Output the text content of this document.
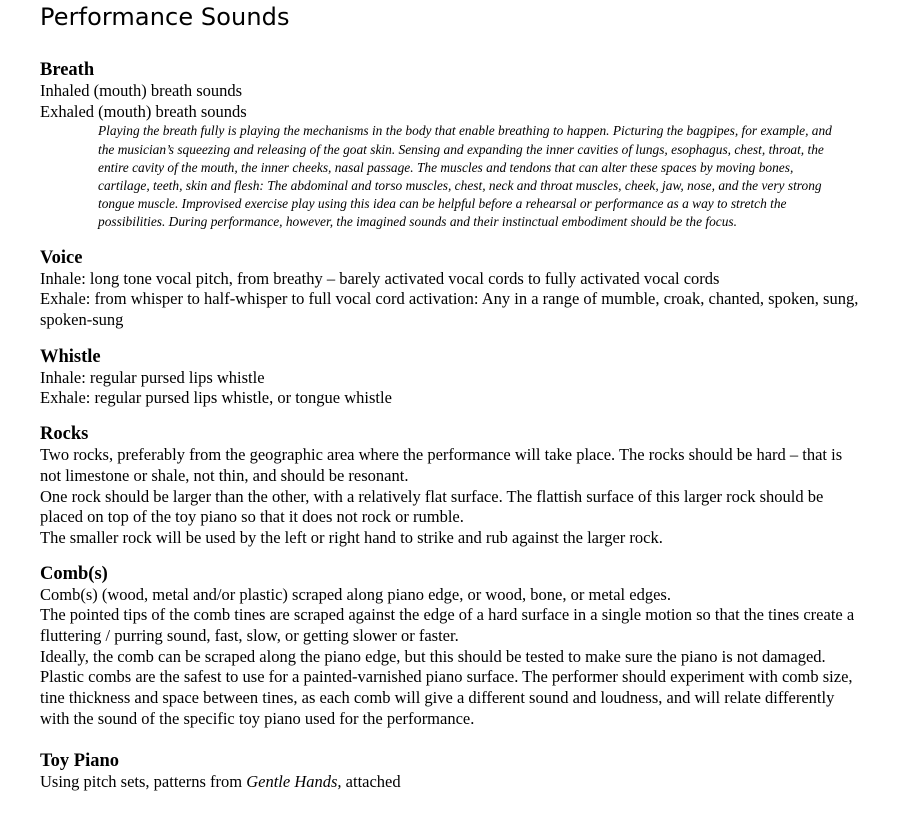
Performance Sounds
Breath

Inhaled (mouth) breath sounds

Exhaled (mouth) breath sounds

Playing the breath fully is playing the mechanisms in the body that enable breathing to happen. Picturing the bagpipes, for example, and the musician’s squeezing and releasing of the goat skin. Sensing and expanding the inner cavities of lungs, esophagus, chest, throat, the entire cavity of the mouth, the inner cheeks, nasal passage. The muscles and tendons that can alter these spaces by moving bones, cartilage, teeth, skin and flesh: The abdominal and torso muscles, chest, neck and throat muscles, cheek, jaw, nose, and the very strong tongue muscle. Improvised exercise play using this idea can be helpful before a rehearsal or performance as a way to stretch the possibilities. During performance, however, the imagined sounds and their instinctual embodiment should be the focus.

Voice

Inhale: long tone vocal pitch, from breathy – barely activated vocal cords to fully activated vocal cords

Exhale: from whisper to half-whisper to full vocal cord activation: Any in a range of mumble, croak, chanted, spoken, sung, spoken-sung

Whistle

Inhale: regular pursed lips whistle

Exhale: regular pursed lips whistle, or tongue whistle

Rocks

Two rocks, preferably from the geographic area where the performance will take place. The rocks should be hard – that is not limestone or shale, not thin, and should be resonant.

One rock should be larger than the other, with a relatively flat surface. The flattish surface of this larger rock should be placed on top of the toy piano so that it does not rock or rumble.

The smaller rock will be used by the left or right hand to strike and rub against the larger rock.

Comb(s)

Comb(s) (wood, metal and/or plastic) scraped along piano edge, or wood, bone, or metal edges.

The pointed tips of the comb tines are scraped against the edge of a hard surface in a single motion so that the tines create a fluttering / purring sound, fast, slow, or getting slower or faster.

Ideally, the comb can be scraped along the piano edge, but this should be tested to make sure the piano is not damaged. Plastic combs are the safest to use for a painted-varnished piano surface. The performer should experiment with comb size, tine thickness and space between tines, as each comb will give a different sound and loudness, and will relate differently with the sound of the specific toy piano used for the performance.

Toy Piano

Using pitch sets, patterns from Gentle Hands, attached
